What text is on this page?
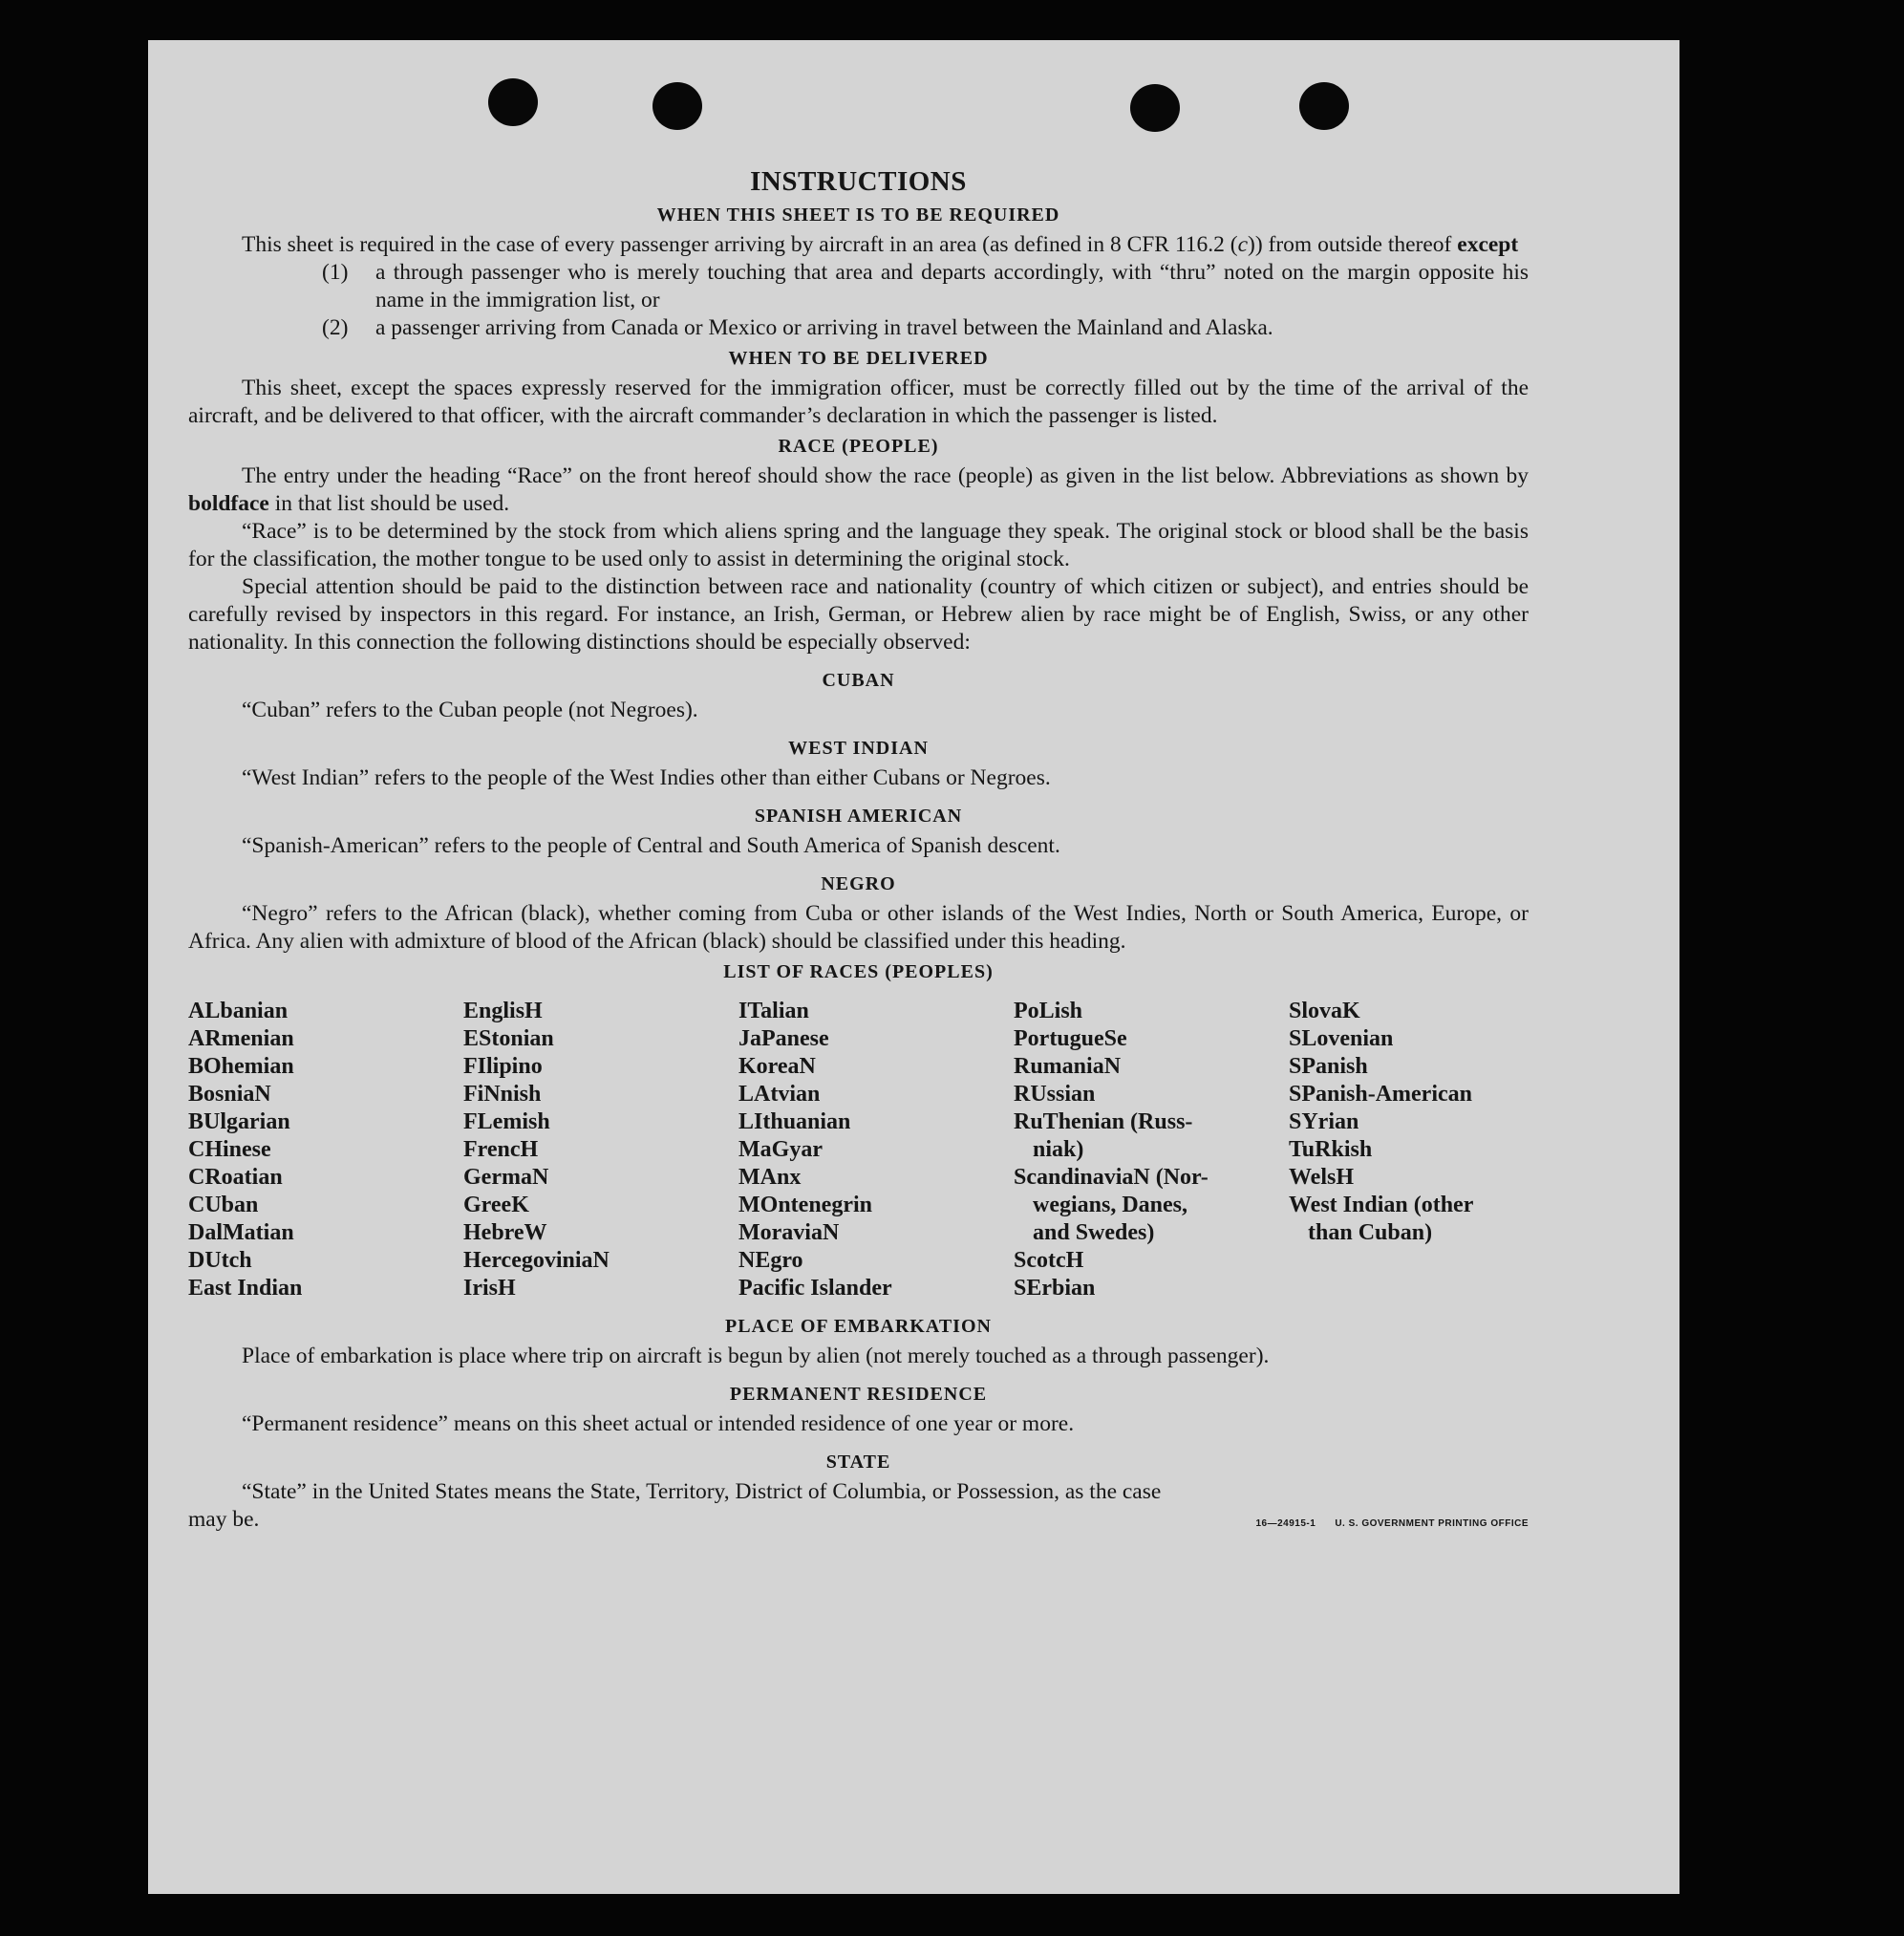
INSTRUCTIONS
WHEN THIS SHEET IS TO BE REQUIRED

This sheet is required in the case of every passenger arriving by aircraft in an area (as defined in 8 CFR 116.2 (c)) from outside thereof except

(1) a through passenger who is merely touching that area and departs accordingly, with “thru” noted on the margin opposite his name in the immigration list, or
(2) a passenger arriving from Canada or Mexico or arriving in travel between the Mainland and Alaska.
WHEN TO BE DELIVERED

This sheet, except the spaces expressly reserved for the immigration officer, must be correctly filled out by the time of the arrival of the aircraft, and be delivered to that officer, with the aircraft commander’s declaration in which the passenger is listed.

RACE (PEOPLE)

The entry under the heading “Race” on the front hereof should show the race (people) as given in the list below. Abbreviations as shown by boldface in that list should be used.

“Race” is to be determined by the stock from which aliens spring and the language they speak. The original stock or blood shall be the basis for the classification, the mother tongue to be used only to assist in determining the original stock.

Special attention should be paid to the distinction between race and nationality (country of which citizen or subject), and entries should be carefully revised by inspectors in this regard. For instance, an Irish, German, or Hebrew alien by race might be of English, Swiss, or any other nationality. In this connection the following distinctions should be especially observed:

CUBAN

“Cuban” refers to the Cuban people (not Negroes).

WEST INDIAN

“West Indian” refers to the people of the West Indies other than either Cubans or Negroes.

SPANISH AMERICAN

“Spanish-American” refers to the people of Central and South America of Spanish descent.

NEGRO

“Negro” refers to the African (black), whether coming from Cuba or other islands of the West Indies, North or South America, Europe, or Africa. Any alien with admixture of blood of the African (black) should be classified under this heading.

LIST OF RACES (PEOPLES)
ALbanian
ARmenian
BOhemian
BosniaN
BUlgarian
CHinese
CRoatian
CUban
DalMatian
DUtch
East Indian
EnglisH
EStonian
FIlipino
FiNnish
FLemish
FrencH
GermaN
GreeK
HebreW
HercegoviniaN
IrisH
ITalian
JaPanese
KoreaN
LAtvian
LIthuanian
MaGyar
MAnx
MOntenegrin
MoraviaN
NEgro
Pacific Islander
PoLish
PortugueSe
RumaniaN
RUssian
RuThenian (Russ-
niak)
ScandinaviaN (Nor-
wegians, Danes,
and Swedes)
ScotcH
SErbian
SlovaK
SLovenian
SPanish
SPanish-American
SYrian
TuRkish
WelsH
West Indian (other
than Cuban)
PLACE OF EMBARKATION

Place of embarkation is place where trip on aircraft is begun by alien (not merely touched as a through passenger).

PERMANENT RESIDENCE

“Permanent residence” means on this sheet actual or intended residence of one year or more.

STATE

“State” in the United States means the State, Territory, District of Columbia, or Possession, as the case

may be.	16—24915-1 U. S. GOVERNMENT PRINTING OFFICE
